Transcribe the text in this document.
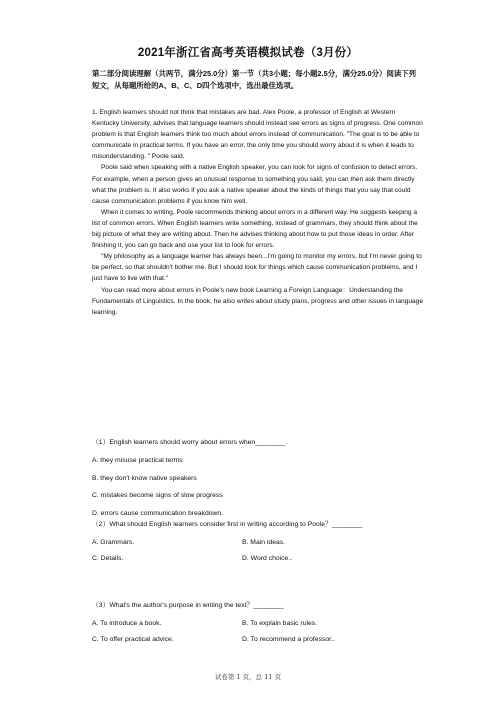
2021年浙江省高考英语模拟试卷（3月份）
第二部分阅读理解（共两节，满分25.0分）第一节（共3小题；每小题2.5分，满分25.0分）阅读下列短文，从每题所给的A、B、C、D四个选项中，选出最佳选项。

1. English learners should not think that mistakes are bad. Alex Poole, a professor of English at Western Kentucky University, advises that language learners should instead see errors as signs of progress. One common problem is that English learners think too much about errors instead of communication. "The goal is to be able to communicate in practical terms. If you have an error, the only time you should worry about it is when it leads to misunderstanding. " Poole said.

Poole said when speaking with a native English speaker, you can look for signs of confusion to detect errors. For example, when a person gives an unusual response to something you said, you can then ask them directly what the problem is. It also works if you ask a native speaker about the kinds of things that you say that could cause communication problems if you know him well.

When it comes to writing, Poole recommends thinking about errors in a different way. He suggests keeping a list of common errors. When English learners write something, instead of grammars, they should think about the big picture of what they are writing about. Then he advises thinking about how to put those ideas in order. After finishing it, you can go back and use your list to look for errors.

"My philosophy as a language learner has always been...I'm going to monitor my errors, but I'm never going to be perfect, so that shouldn't bother me. But I should look for things which cause communication problems, and I just have to live with that."

You can read more about errors in Poole's new book Learning a Foreign Language：Understanding the Fundamentals of Linguistics. In the book, he also writes about study plans, progress and other issues in language learning.

（1）English learners should worry about errors when________.
A. they misuse practical terms
B. they don't know native speakers
C. mistakes become signs of slow progress
D. errors cause communication breakdown.
（2）What should English learners consider first in writing according to Poole？________
A. Grammars.	B. Main ideas.
C. Details.	D. Word choice..
（3）What's the author's purpose in writing the text？________
A. To introduce a book.	B. To explain basic rules.
C. To offer practical advice.	D. To recommend a professor..
试卷第 1 页，总 11 页
